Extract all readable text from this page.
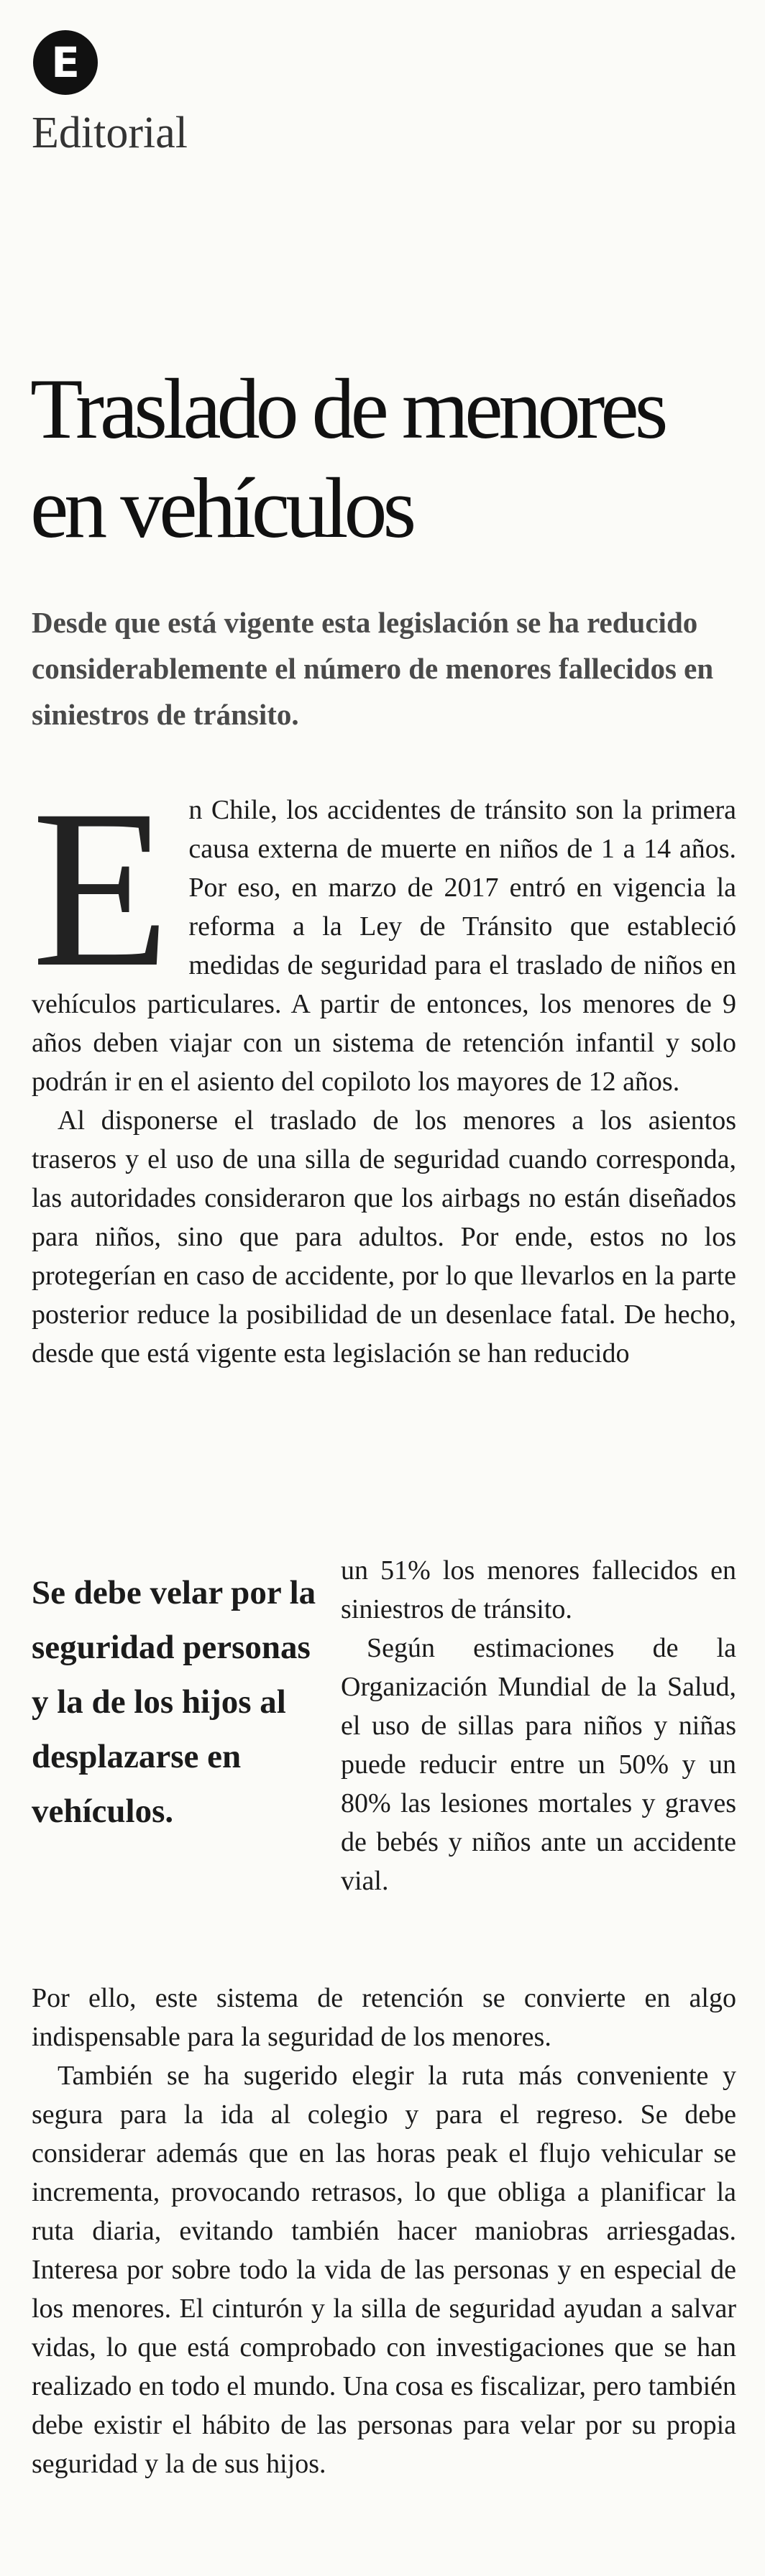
E
Editorial
Traslado de menores
en vehículos

Desde que está vigente esta legislación se ha reducido considerablemente el número de menores fallecidos en siniestros de tránsito.

E n Chile, los accidentes de tránsito son la primera causa externa de muerte en niños de 1 a 14 años. Por eso, en marzo de 2017 entró en vigencia la reforma a la Ley de Tránsito que estableció medidas de seguridad para el traslado de niños en vehículos particulares. A partir de entonces, los menores de 9 años deben viajar con un sistema de retención infantil y solo podrán ir en el asiento del copiloto los mayores de 12 años.

Al disponerse el traslado de los menores a los asientos traseros y el uso de una silla de seguridad cuando corresponda, las autoridades consideraron que los airbags no están diseñados para niños, sino que para adultos. Por ende, estos no los protegerían en caso de accidente, por lo que llevarlos en la parte posterior reduce la posibilidad de un desenlace fatal. De hecho, desde que está vigente esta legislación se han reducido

Se debe velar por la seguridad personas y la de los hijos al desplazarse en vehículos.

un 51% los menores fallecidos en siniestros de tránsito.

Según estimaciones de la Organización Mundial de la Salud, el uso de sillas para niños y niñas puede reducir entre un 50% y un 80% las lesiones mortales y graves de bebés y niños ante un accidente vial.

Por ello, este sistema de retención se convierte en algo indispensable para la seguridad de los menores.

También se ha sugerido elegir la ruta más conveniente y segura para la ida al colegio y para el regreso. Se debe considerar además que en las horas peak el flujo vehicular se incrementa, provocando retrasos, lo que obliga a planificar la ruta diaria, evitando también hacer maniobras arriesgadas. Interesa por sobre todo la vida de las personas y en especial de los menores. El cinturón y la silla de seguridad ayudan a salvar vidas, lo que está comprobado con investigaciones que se han realizado en todo el mundo. Una cosa es fiscalizar, pero también debe existir el hábito de las personas para velar por su propia seguridad y la de sus hijos.
